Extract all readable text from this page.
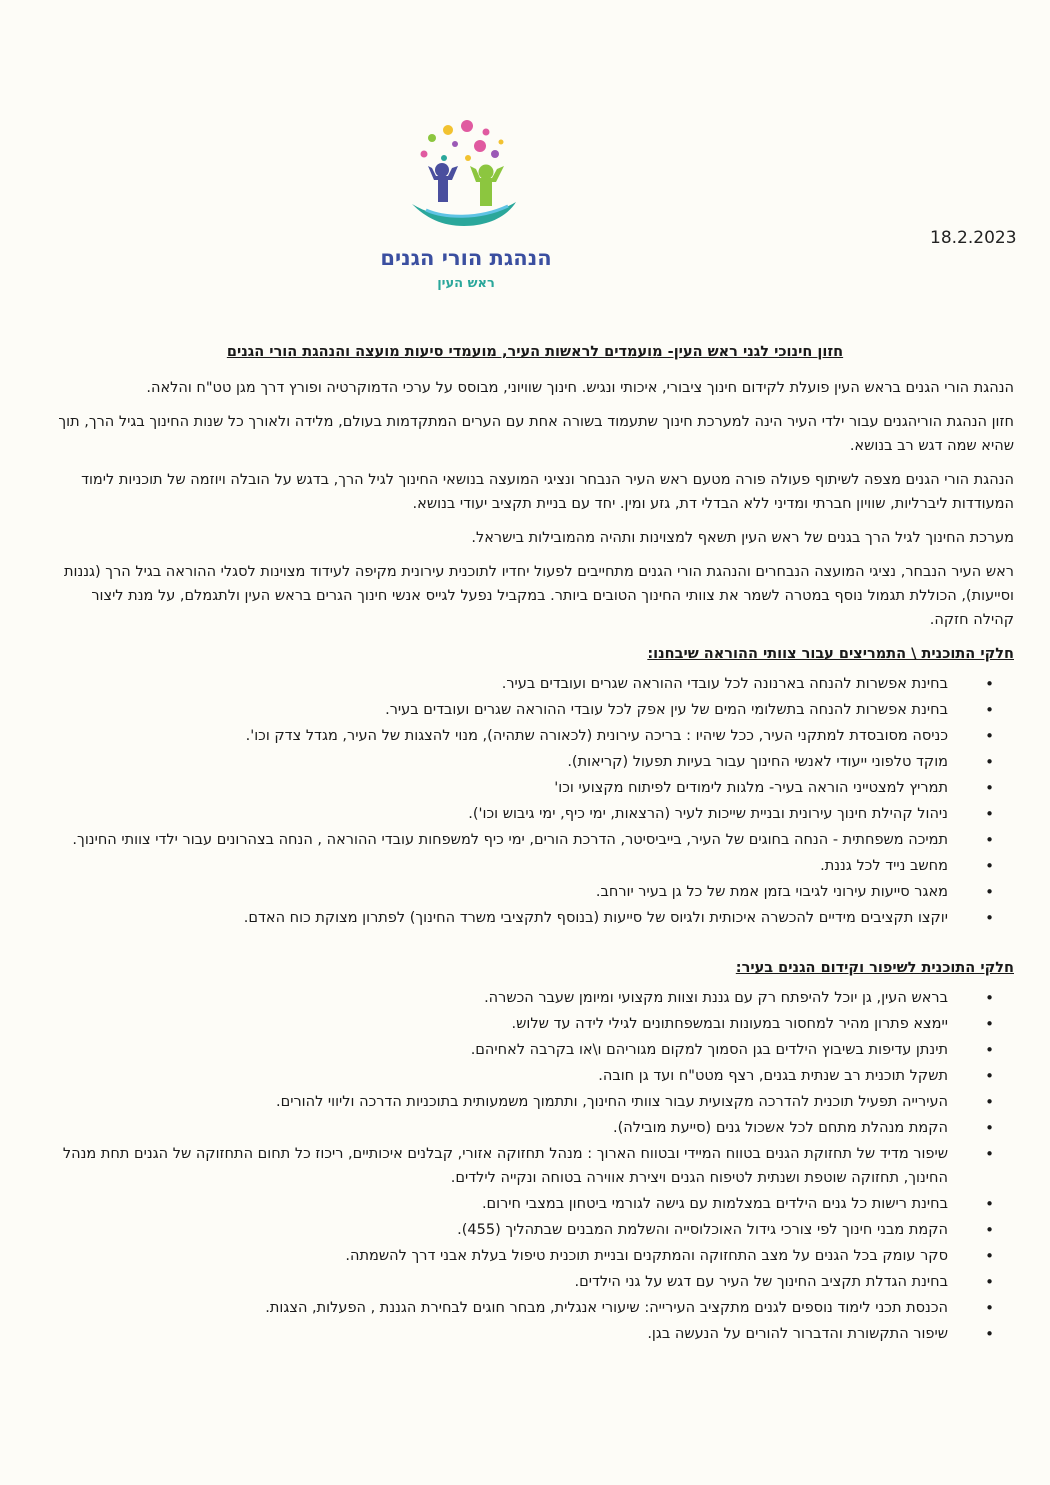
18.2.2023
הנהגת הורי הגנים
ראש העין
חזון חינוכי לגני ראש העין- מועמדים לראשות העיר, מועמדי סיעות מועצה והנהגת הורי הגנים

הנהגת הורי הגנים בראש העין פועלת לקידום חינוך ציבורי, איכותי ונגיש. חינוך שוויוני, מבוסס על ערכי הדמוקרטיה ופורץ דרך מגן טט"ח והלאה.

חזון הנהגת הוריהגנים עבור ילדי העיר הינה למערכת חינוך שתעמוד בשורה אחת עם הערים המתקדמות בעולם, מלידה ולאורך כל שנות החינוך בגיל הרך, תוך שהיא שמה דגש רב בנושא.

הנהגת הורי הגנים מצפה לשיתוף פעולה פורה מטעם ראש העיר הנבחר ונציגי המועצה בנושאי החינוך לגיל הרך, בדגש על הובלה ויוזמה של תוכניות לימוד המעודדות ליברליות, שוויון חברתי ומדיני ללא הבדלי דת, גזע ומין. יחד עם בניית תקציב יעודי בנושא.

מערכת החינוך לגיל הרך בגנים של ראש העין תשאף למצוינות ותהיה מהמובילות בישראל.

ראש העיר הנבחר, נציגי המועצה הנבחרים והנהגת הורי הגנים מתחייבים לפעול יחדיו לתוכנית עירונית מקיפה לעידוד מצוינות לסגלי ההוראה בגיל הרך (גננות וסייעות), הכוללת תגמול נוסף במטרה לשמר את צוותי החינוך הטובים ביותר. במקביל נפעל לגייס אנשי חינוך הגרים בראש העין ולתגמלם, על מנת ליצור קהילה חזקה.

חלקי התוכנית \ התמריצים עבור צוותי ההוראה שיבחנו:
• בחינת אפשרות להנחה בארנונה לכל עובדי ההוראה שגרים ועובדים בעיר.
• בחינת אפשרות להנחה בתשלומי המים של עין אפק לכל עובדי ההוראה שגרים ועובדים בעיר.
• כניסה מסובסדת למתקני העיר, ככל שיהיו : בריכה עירונית (לכאורה שתהיה), מנוי להצגות של העיר, מגדל צדק וכו'.
• מוקד טלפוני ייעודי לאנשי החינוך עבור בעיות תפעול (קריאות).
• תמריץ למצטייני הוראה בעיר- מלגות לימודים לפיתוח מקצועי וכו'
• ניהול קהילת חינוך עירונית ובניית שייכות לעיר (הרצאות, ימי כיף, ימי גיבוש וכו').
• תמיכה משפחתית - הנחה בחוגים של העיר, בייביסיטר, הדרכת הורים, ימי כיף למשפחות עובדי ההוראה , הנחה בצהרונים עבור ילדי צוותי החינוך.
• מחשב נייד לכל גננת.
• מאגר סייעות עירוני לגיבוי בזמן אמת של כל גן בעיר יורחב.
• יוקצו תקציבים מידיים להכשרה איכותית ולגיוס של סייעות (בנוסף לתקציבי משרד החינוך) לפתרון מצוקת כוח האדם.
חלקי התוכנית לשיפור וקידום הגנים בעיר:
• בראש העין, גן יוכל להיפתח רק עם גננת וצוות מקצועי ומיומן שעבר הכשרה.
• יימצא פתרון מהיר למחסור במעונות ובמשפחתונים לגילי לידה עד שלוש.
• תינתן עדיפות בשיבוץ הילדים בגן הסמוך למקום מגוריהם ו\או בקרבה לאחיהם.
• תשקל תוכנית רב שנתית בגנים, רצף מטט"ח ועד גן חובה.
• העירייה תפעיל תוכנית להדרכה מקצועית עבור צוותי החינוך, ותתמוך משמעותית בתוכניות הדרכה וליווי להורים.
• הקמת מנהלת מתחם לכל אשכול גנים (סייעת מובילה).
• שיפור מדיד של תחזוקת הגנים בטווח המיידי ובטווח הארוך : מנהל תחזוקה אזורי, קבלנים איכותיים, ריכוז כל תחום התחזוקה של הגנים תחת מנהל החינוך, תחזוקה שוטפת ושנתית לטיפוח הגנים ויצירת אווירה בטוחה ונקייה לילדים.
• בחינת רישות כל גנים הילדים במצלמות עם גישה לגורמי ביטחון במצבי חירום.
• הקמת מבני חינוך לפי צורכי גידול האוכלוסייה והשלמת המבנים שבתהליך (455).
• סקר עומק בכל הגנים על מצב התחזוקה והמתקנים ובניית תוכנית טיפול בעלת אבני דרך להשמתה.
• בחינת הגדלת תקציב החינוך של העיר עם דגש על גני הילדים.
• הכנסת תכני לימוד נוספים לגנים מתקציב העירייה: שיעורי אנגלית, מבחר חוגים לבחירת הגננת , הפעלות, הצגות.
• שיפור התקשורת והדברור להורים על הנעשה בגן.
